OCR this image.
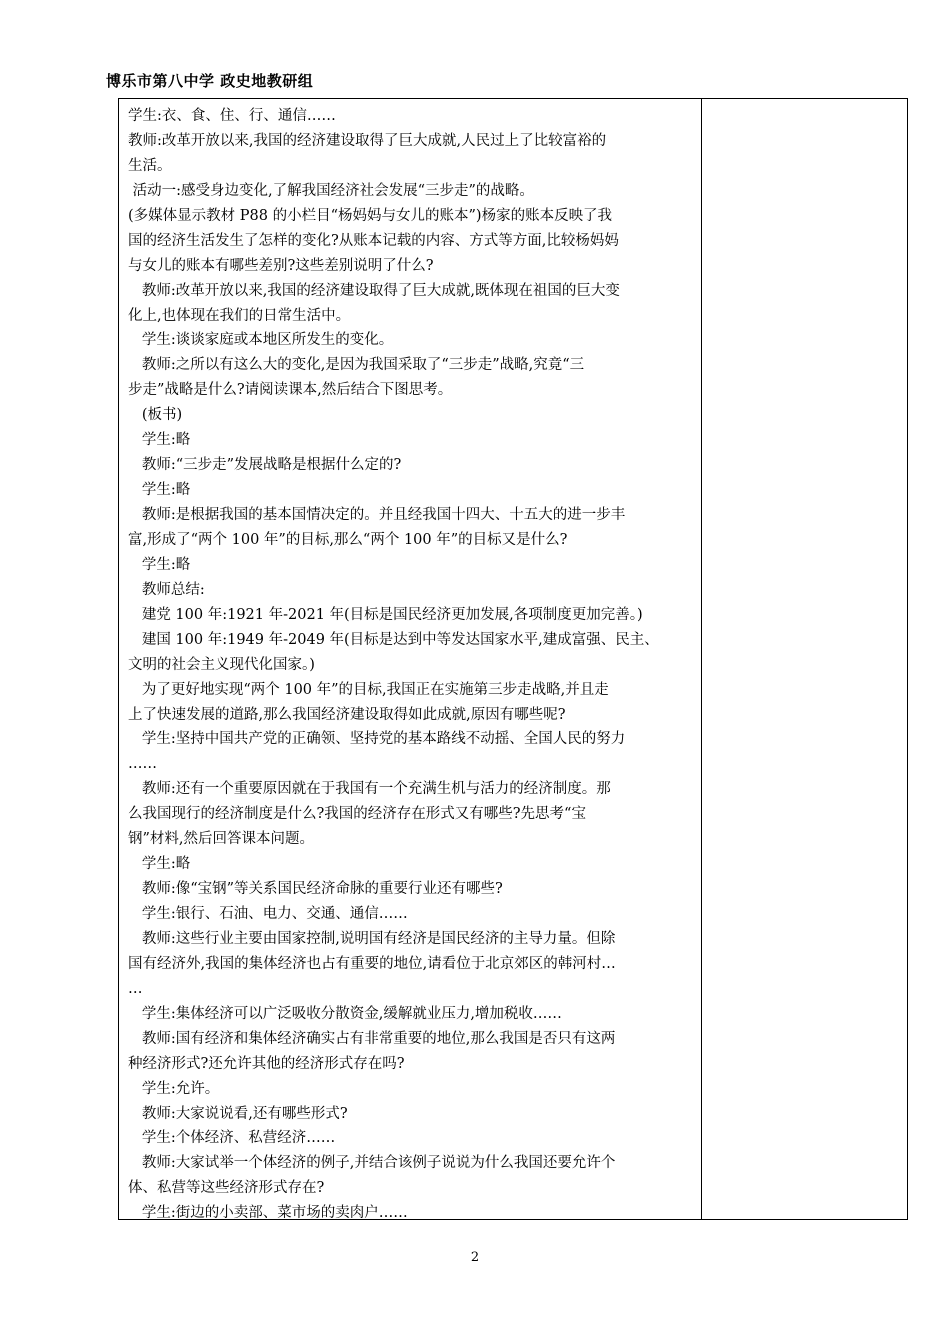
博乐市第八中学 政史地教研组
学生:衣、食、住、行、通信……
教师:改革开放以来,我国的经济建设取得了巨大成就,人民过上了比较富裕的
生活。
活动一:感受身边变化,了解我国经济社会发展“三步走”的战略。
(多媒体显示教材 P88 的小栏目“杨妈妈与女儿的账本”)杨家的账本反映了我
国的经济生活发生了怎样的变化?从账本记载的内容、方式等方面,比较杨妈妈
与女儿的账本有哪些差别?这些差别说明了什么?
教师:改革开放以来,我国的经济建设取得了巨大成就,既体现在祖国的巨大变
化上,也体现在我们的日常生活中。
学生:谈谈家庭或本地区所发生的变化。
教师:之所以有这么大的变化,是因为我国采取了“三步走”战略,究竟“三
步走”战略是什么?请阅读课本,然后结合下图思考。
(板书)
学生:略
教师:“三步走”发展战略是根据什么定的?
学生:略
教师:是根据我国的基本国情决定的。并且经我国十四大、十五大的进一步丰
富,形成了“两个 100 年”的目标,那么“两个 100 年”的目标又是什么?
学生:略
教师总结:
建党 100 年:1921 年-2021 年(目标是国民经济更加发展,各项制度更加完善。)
建国 100 年:1949 年-2049 年(目标是达到中等发达国家水平,建成富强、民主、
文明的社会主义现代化国家。)
为了更好地实现“两个 100 年”的目标,我国正在实施第三步走战略,并且走
上了快速发展的道路,那么我国经济建设取得如此成就,原因有哪些呢?
学生:坚持中国共产党的正确领、坚持党的基本路线不动摇、全国人民的努力
……
教师:还有一个重要原因就在于我国有一个充满生机与活力的经济制度。那
么我国现行的经济制度是什么?我国的经济存在形式又有哪些?先思考“宝
钢”材料,然后回答课本问题。
学生:略
教师:像“宝钢”等关系国民经济命脉的重要行业还有哪些?
学生:银行、石油、电力、交通、通信……
教师:这些行业主要由国家控制,说明国有经济是国民经济的主导力量。但除
国有经济外,我国的集体经济也占有重要的地位,请看位于北京郊区的韩河村…
…
学生:集体经济可以广泛吸收分散资金,缓解就业压力,增加税收……
教师:国有经济和集体经济确实占有非常重要的地位,那么我国是否只有这两
种经济形式?还允许其他的经济形式存在吗?
学生:允许。
教师:大家说说看,还有哪些形式?
学生:个体经济、私营经济……
教师:大家试举一个体经济的例子,并结合该例子说说为什么我国还要允许个
体、私营等这些经济形式存在?
学生:街边的小卖部、菜市场的卖肉户……
2
